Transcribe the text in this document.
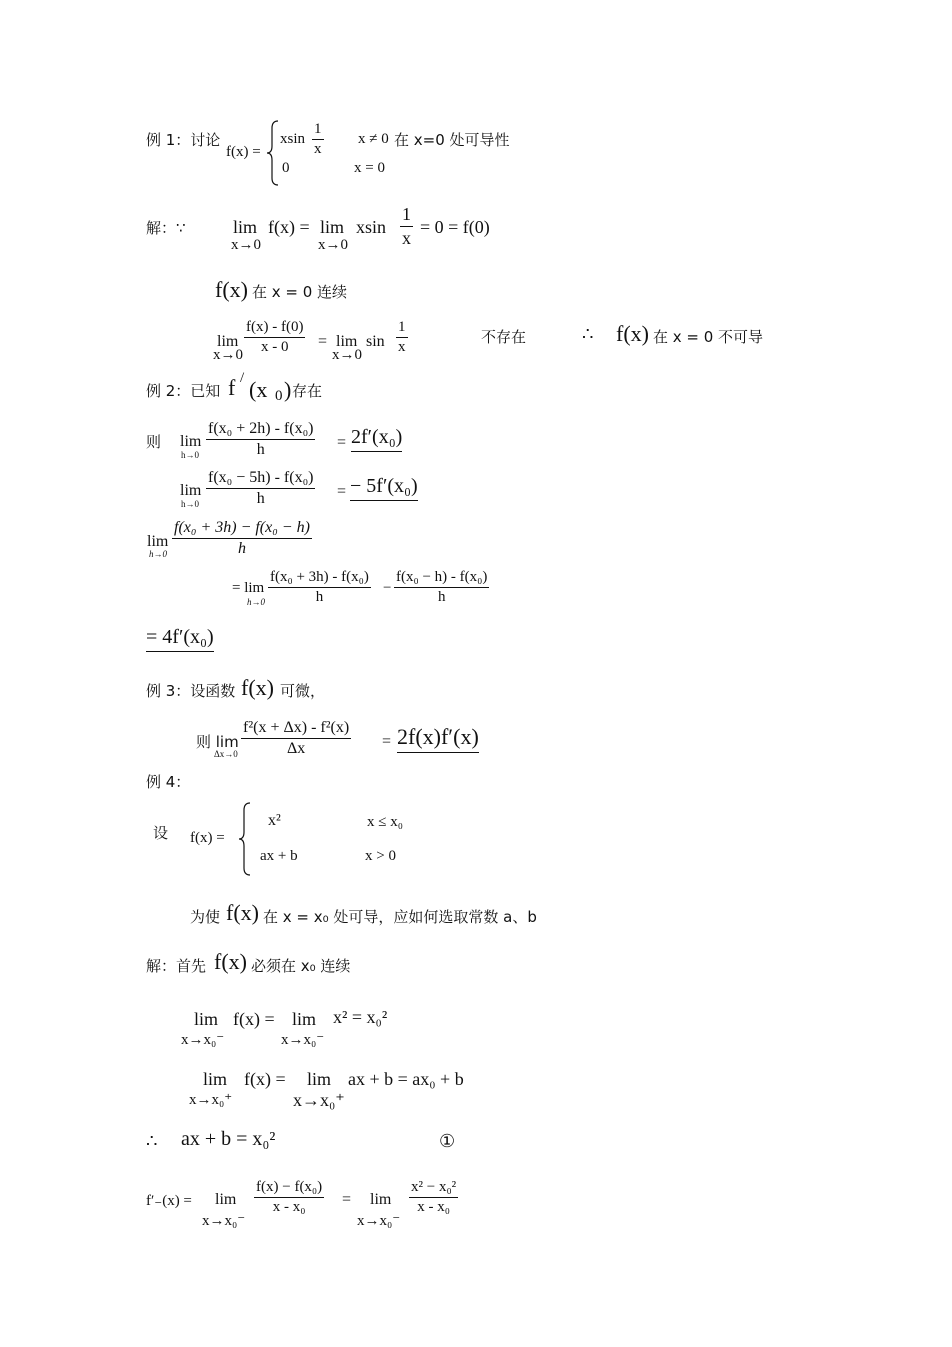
例 1：讨论
f(x) =
xsin
1
x
x ≠ 0 在 x=0 处可导性
0	x = 0
解：∵	lim
x→0
f(x) = lim
x→0
xsin
1
x
= 0 = f(0)
f(x) 在 x = 0 连续
lim
x→0
f(x) - f(0)
x - 0	= lim
x→0
sin
1
x
不存在	∴ f(x) 在 x = 0 不可导
例 2：已知 f / (x 0 ) 存在
则 lim
h→0
f(x₀ + 2h) - f(x₀)
h	= 2f′(x₀)
lim
h→0
f(x₀ − 5h) - f(x₀)
h	= − 5f′(x₀)
lim
h→0
f(x₀ + 3h) − f(x₀ − h)
h
= lim
h→0
f(x₀ + 3h) - f(x₀)
h
−
f(x₀ − h) - f(x₀)
h
= 4f′(x₀)
例 3：设函数 f(x) 可微，
则 lim
Δx→0
f²(x + Δx) - f²(x)
Δx	= 2f(x)f′(x)
例 4：
设 f(x) =
x²	x ≤ x₀
ax + b	x > 0
为使 f(x) 在 x = x₀ 处可导，应如何选取常数 a、b
解：首先 f(x) 必须在 x₀ 连续
lim
x→x₀⁻
f(x) = lim
x→x₀⁻
x² = x₀²
lim
x→x₀⁺
f(x) = lim
x→x₀⁺
ax + b = ax₀ + b
∴ ax + b = x₀²	①
f′₋(x) = lim
x→x₀⁻
f(x) − f(x₀)
x - x₀	= lim
x→x₀⁻
x² − x₀²
x - x₀
